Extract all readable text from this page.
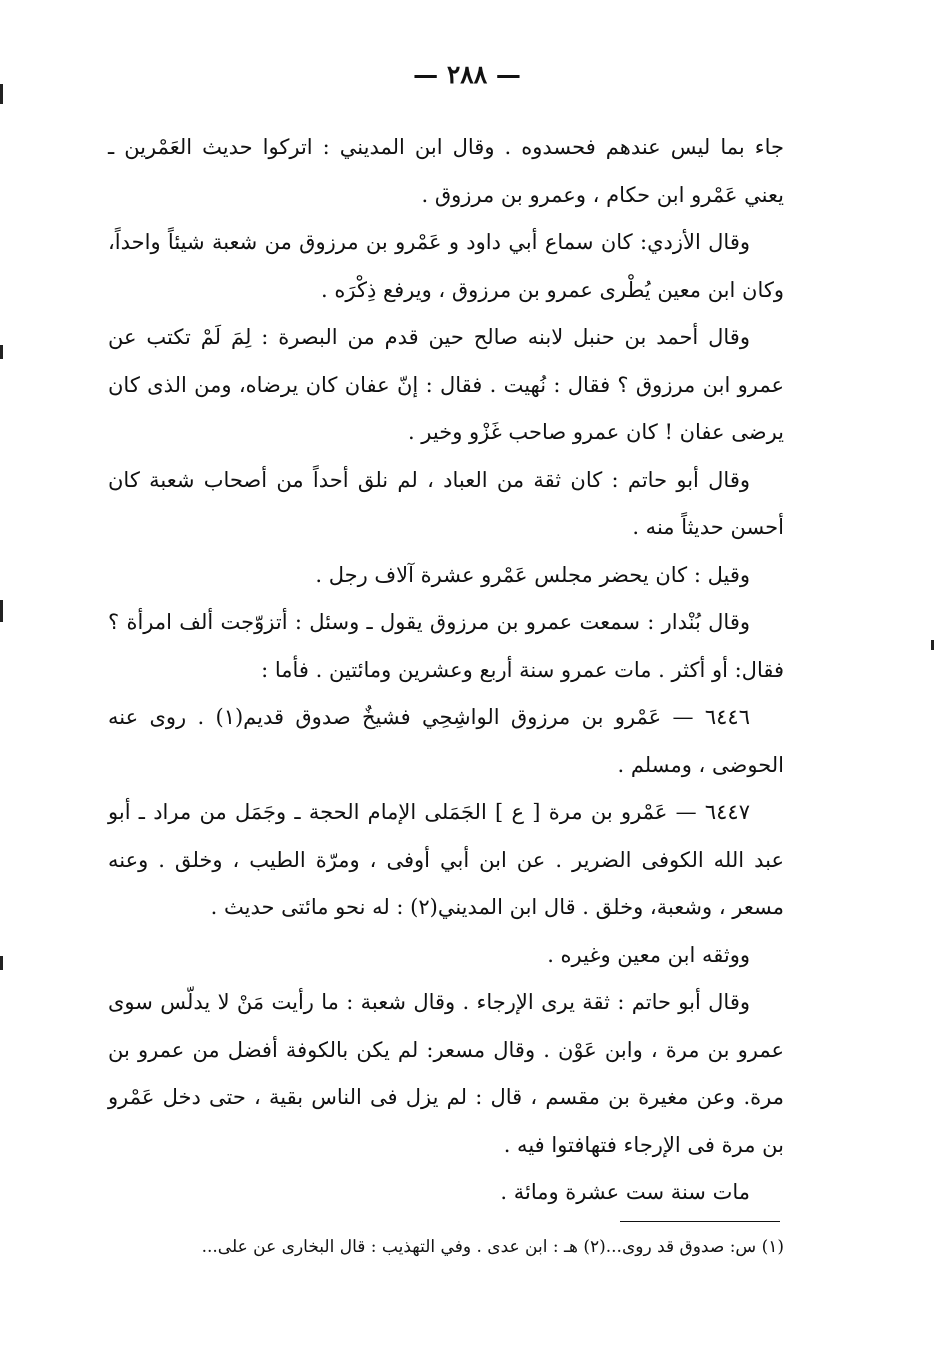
— ٢٨٨ —

جاء بما ليس عندهم فحسدوه . وقال ابن المديني : اتركوا حديث العَمْرين ـ يعني عَمْرو ابن حكام ، وعمرو بن مرزوق .

وقال الأزدي: كان سماع أبي داود و عَمْرو بن مرزوق من شعبة شيئاً واحداً، وكان ابن معين يُطْرى عمرو بن مرزوق ، ويرفع ذِكْرَه .

وقال أحمد بن حنبل لابنه صالح حين قدم من البصرة : لِمَ لَمْ تكتب عن عمرو ابن مرزوق ؟ فقال : نُهيت . فقال : إنّ عفان كان يرضاه، ومن الذى كان يرضى عفان ! كان عمرو صاحب غَزْو وخير .

وقال أبو حاتم : كان ثقة من العباد ، لم نلق أحداً من أصحاب شعبة كان أحسن حديثاً منه .

وقيل : كان يحضر مجلس عَمْرو عشرة آلاف رجل .

وقال بُنْدار : سمعت عمرو بن مرزوق يقول ـ وسئل : أتزوّجت ألف امرأة ؟ فقال: أو أكثر . مات عمرو سنة أربع وعشرين ومائتين . فأما :

٦٤٤٦ — عَمْرو بن مرزوق الواشِحِي فشيخٌ صدوق قديم(١) . روى عنه الحوضى ، ومسلم .

٦٤٤٧ — عَمْرو بن مرة [ ع ] الجَمَلى الإمام الحجة ـ وجَمَل من مراد ـ أبو عبد الله الكوفى الضرير . عن ابن أبي أوفى ، ومرّة الطيب ، وخلق . وعنه مسعر ، وشعبة، وخلق . قال ابن المديني(٢) : له نحو مائتى حديث .

ووثقه ابن معين وغيره .

وقال أبو حاتم : ثقة يرى الإرجاء . وقال شعبة : ما رأيت مَنْ لا يدلّس سوى عمرو بن مرة ، وابن عَوْن . وقال مسعر: لم يكن بالكوفة أفضل من عمرو بن مرة. وعن مغيرة بن مقسم ، قال : لم يزل فى الناس بقية ، حتى دخل عَمْرو بن مرة فى الإرجاء فتهافتوا فيه .

مات سنة ست عشرة ومائة .

(١) س: صدوق قد روى...(٢) هـ : ابن عدى . وفي التهذيب : قال البخارى عن على...
